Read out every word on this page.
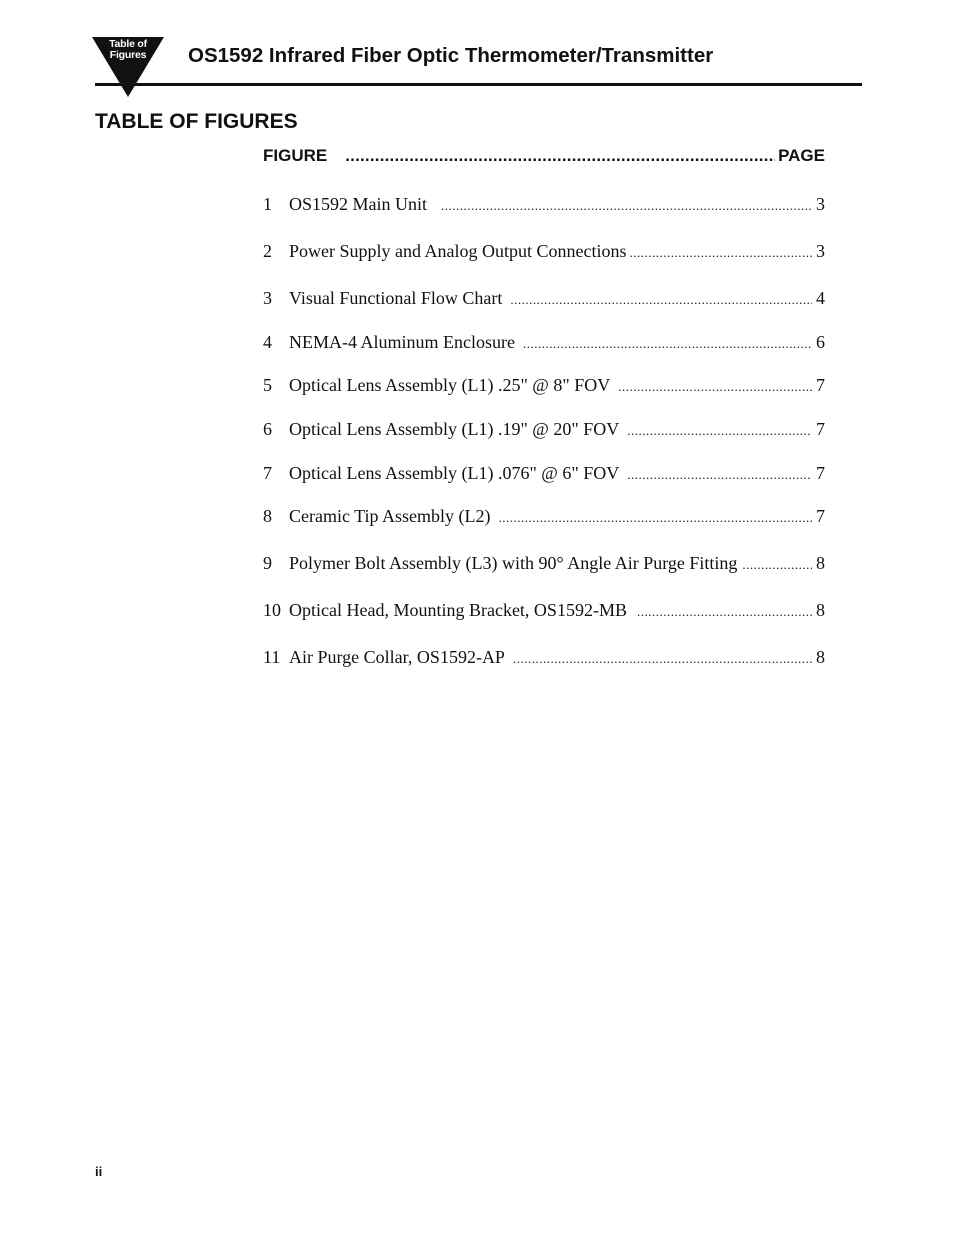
Table of
Figures	OS1592 Infrared Fiber Optic Thermometer/Transmitter
TABLE OF FIGURES
FIGURE .....	PAGE
1 OS1592 Main Unit .....	3
2 Power Supply and Analog Output Connections .....	3
3 Visual Functional Flow Chart .....	4
4 NEMA-4 Aluminum Enclosure .....	6
5 Optical Lens Assembly (L1) .25" @ 8" FOV .....	7
6 Optical Lens Assembly (L1) .19" @ 20" FOV .....	7
7 Optical Lens Assembly (L1) .076" @ 6" FOV .....	7
8 Ceramic Tip Assembly (L2) .....	7
9 Polymer Bolt Assembly (L3) with 90° Angle Air Purge Fitting .....	8
10 Optical Head, Mounting Bracket, OS1592-MB .....	8
11 Air Purge Collar, OS1592-AP .....	8
ii
